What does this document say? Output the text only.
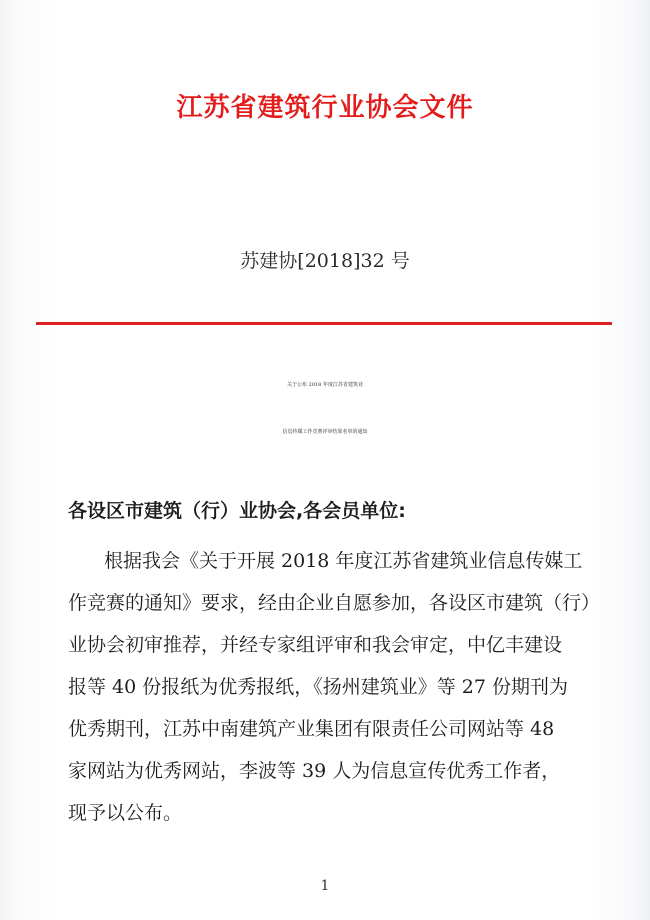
江苏省建筑行业协会文件
苏建协[2018]32 号
关于公布 2018 年度江苏省建筑业
信息传媒工作竞赛评审结果名单的通知
各设区市建筑（行）业协会,各会员单位:
根据我会《关于开展 2018 年度江苏省建筑业信息传媒工
作竞赛的通知》要求，经由企业自愿参加，各设区市建筑（行）
业协会初审推荐，并经专家组评审和我会审定，中亿丰建设
报等 40 份报纸为优秀报纸，《扬州建筑业》等 27 份期刊为
优秀期刊，江苏中南建筑产业集团有限责任公司网站等 48
家网站为优秀网站，李波等 39 人为信息宣传优秀工作者，
现予以公布。
1
